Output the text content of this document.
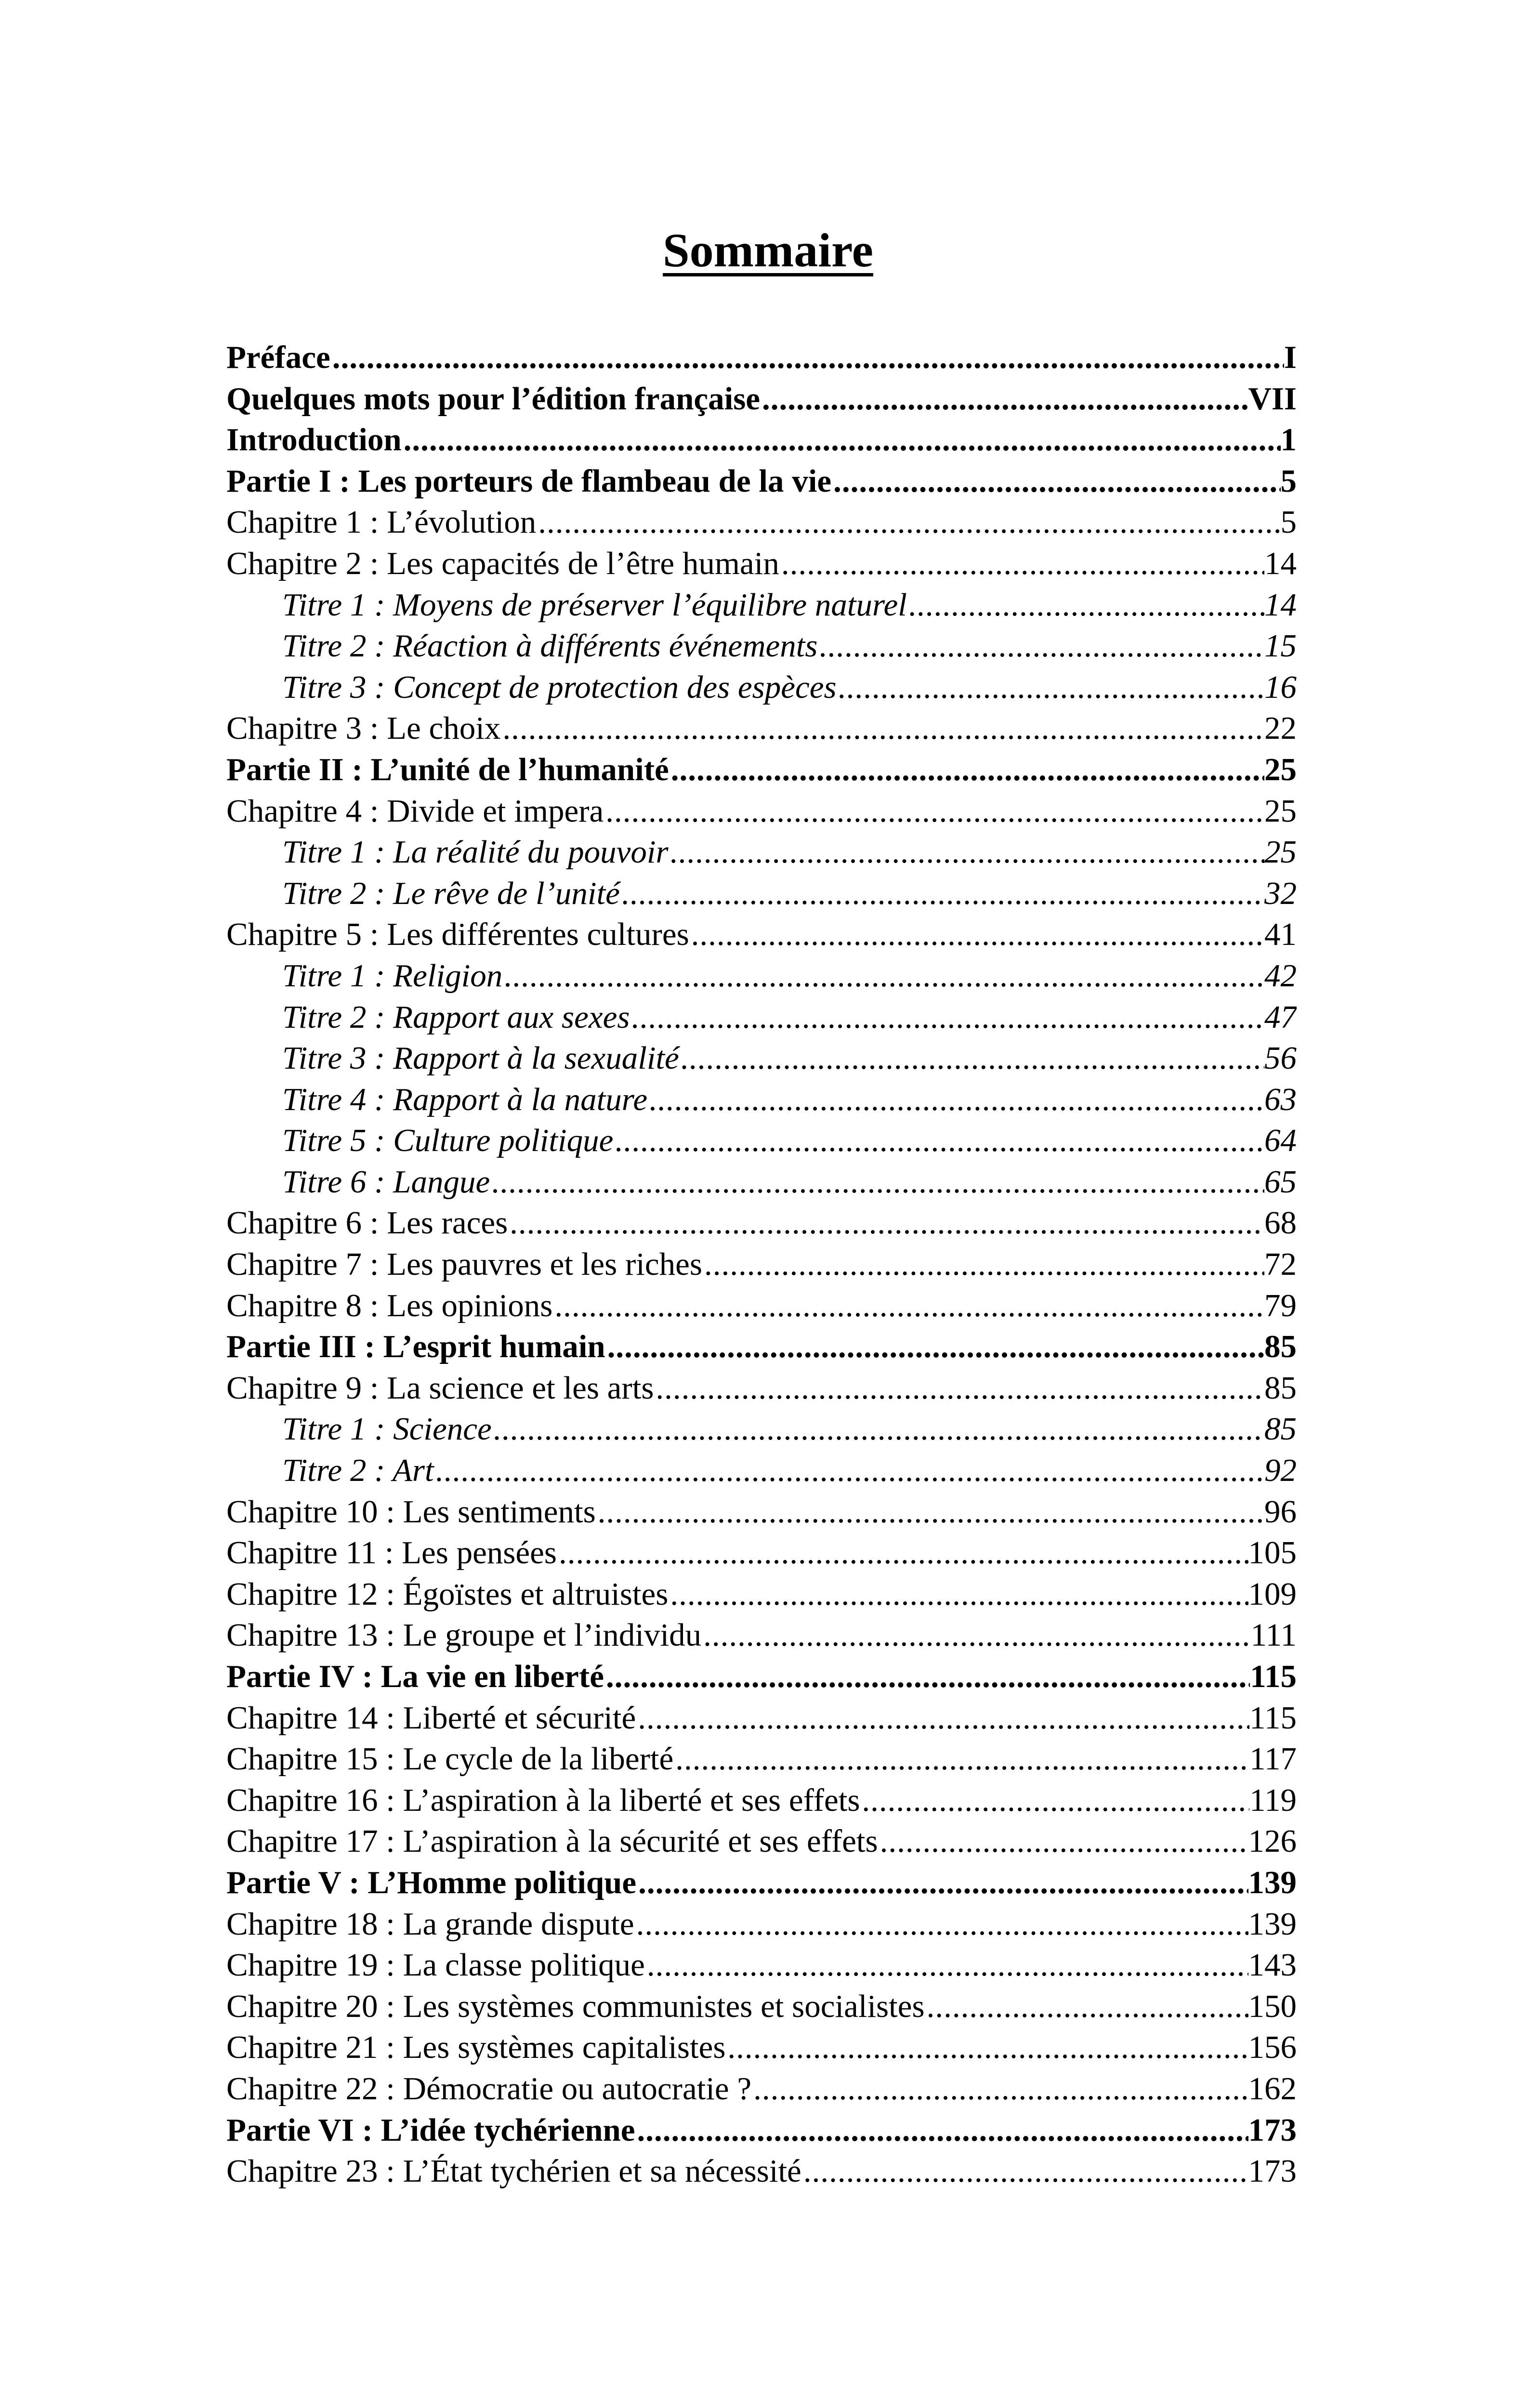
Sommaire
Préface .....	I
Quelques mots pour l’édition française .....	VII
Introduction .....	1
Partie I : Les porteurs de flambeau de la vie .....	5
Chapitre 1 : L’évolution .....	5
Chapitre 2 : Les capacités de l’être humain .....	14
Titre 1 : Moyens de préserver l’équilibre naturel .....	14
Titre 2 : Réaction à différents événements .....	15
Titre 3 : Concept de protection des espèces .....	16
Chapitre 3 : Le choix .....	22
Partie II : L’unité de l’humanité .....	25
Chapitre 4 : Divide et impera .....	25
Titre 1 : La réalité du pouvoir .....	25
Titre 2 : Le rêve de l’unité .....	32
Chapitre 5 : Les différentes cultures .....	41
Titre 1 : Religion .....	42
Titre 2 : Rapport aux sexes .....	47
Titre 3 : Rapport à la sexualité .....	56
Titre 4 : Rapport à la nature .....	63
Titre 5 : Culture politique .....	64
Titre 6 : Langue .....	65
Chapitre 6 : Les races .....	68
Chapitre 7 : Les pauvres et les riches .....	72
Chapitre 8 : Les opinions .....	79
Partie III : L’esprit humain .....	85
Chapitre 9 : La science et les arts .....	85
Titre 1 : Science .....	85
Titre 2 : Art .....	92
Chapitre 10 : Les sentiments .....	96
Chapitre 11 : Les pensées .....	105
Chapitre 12 : Égoïstes et altruistes .....	109
Chapitre 13 : Le groupe et l’individu .....	111
Partie IV : La vie en liberté .....	115
Chapitre 14 : Liberté et sécurité .....	115
Chapitre 15 : Le cycle de la liberté .....	117
Chapitre 16 : L’aspiration à la liberté et ses effets .....	119
Chapitre 17 : L’aspiration à la sécurité et ses effets .....	126
Partie V : L’Homme politique .....	139
Chapitre 18 : La grande dispute .....	139
Chapitre 19 : La classe politique .....	143
Chapitre 20 : Les systèmes communistes et socialistes .....	150
Chapitre 21 : Les systèmes capitalistes .....	156
Chapitre 22 : Démocratie ou autocratie ? .....	162
Partie VI : L’idée tychérienne .....	173
Chapitre 23 : L’État tychérien et sa nécessité .....	173
